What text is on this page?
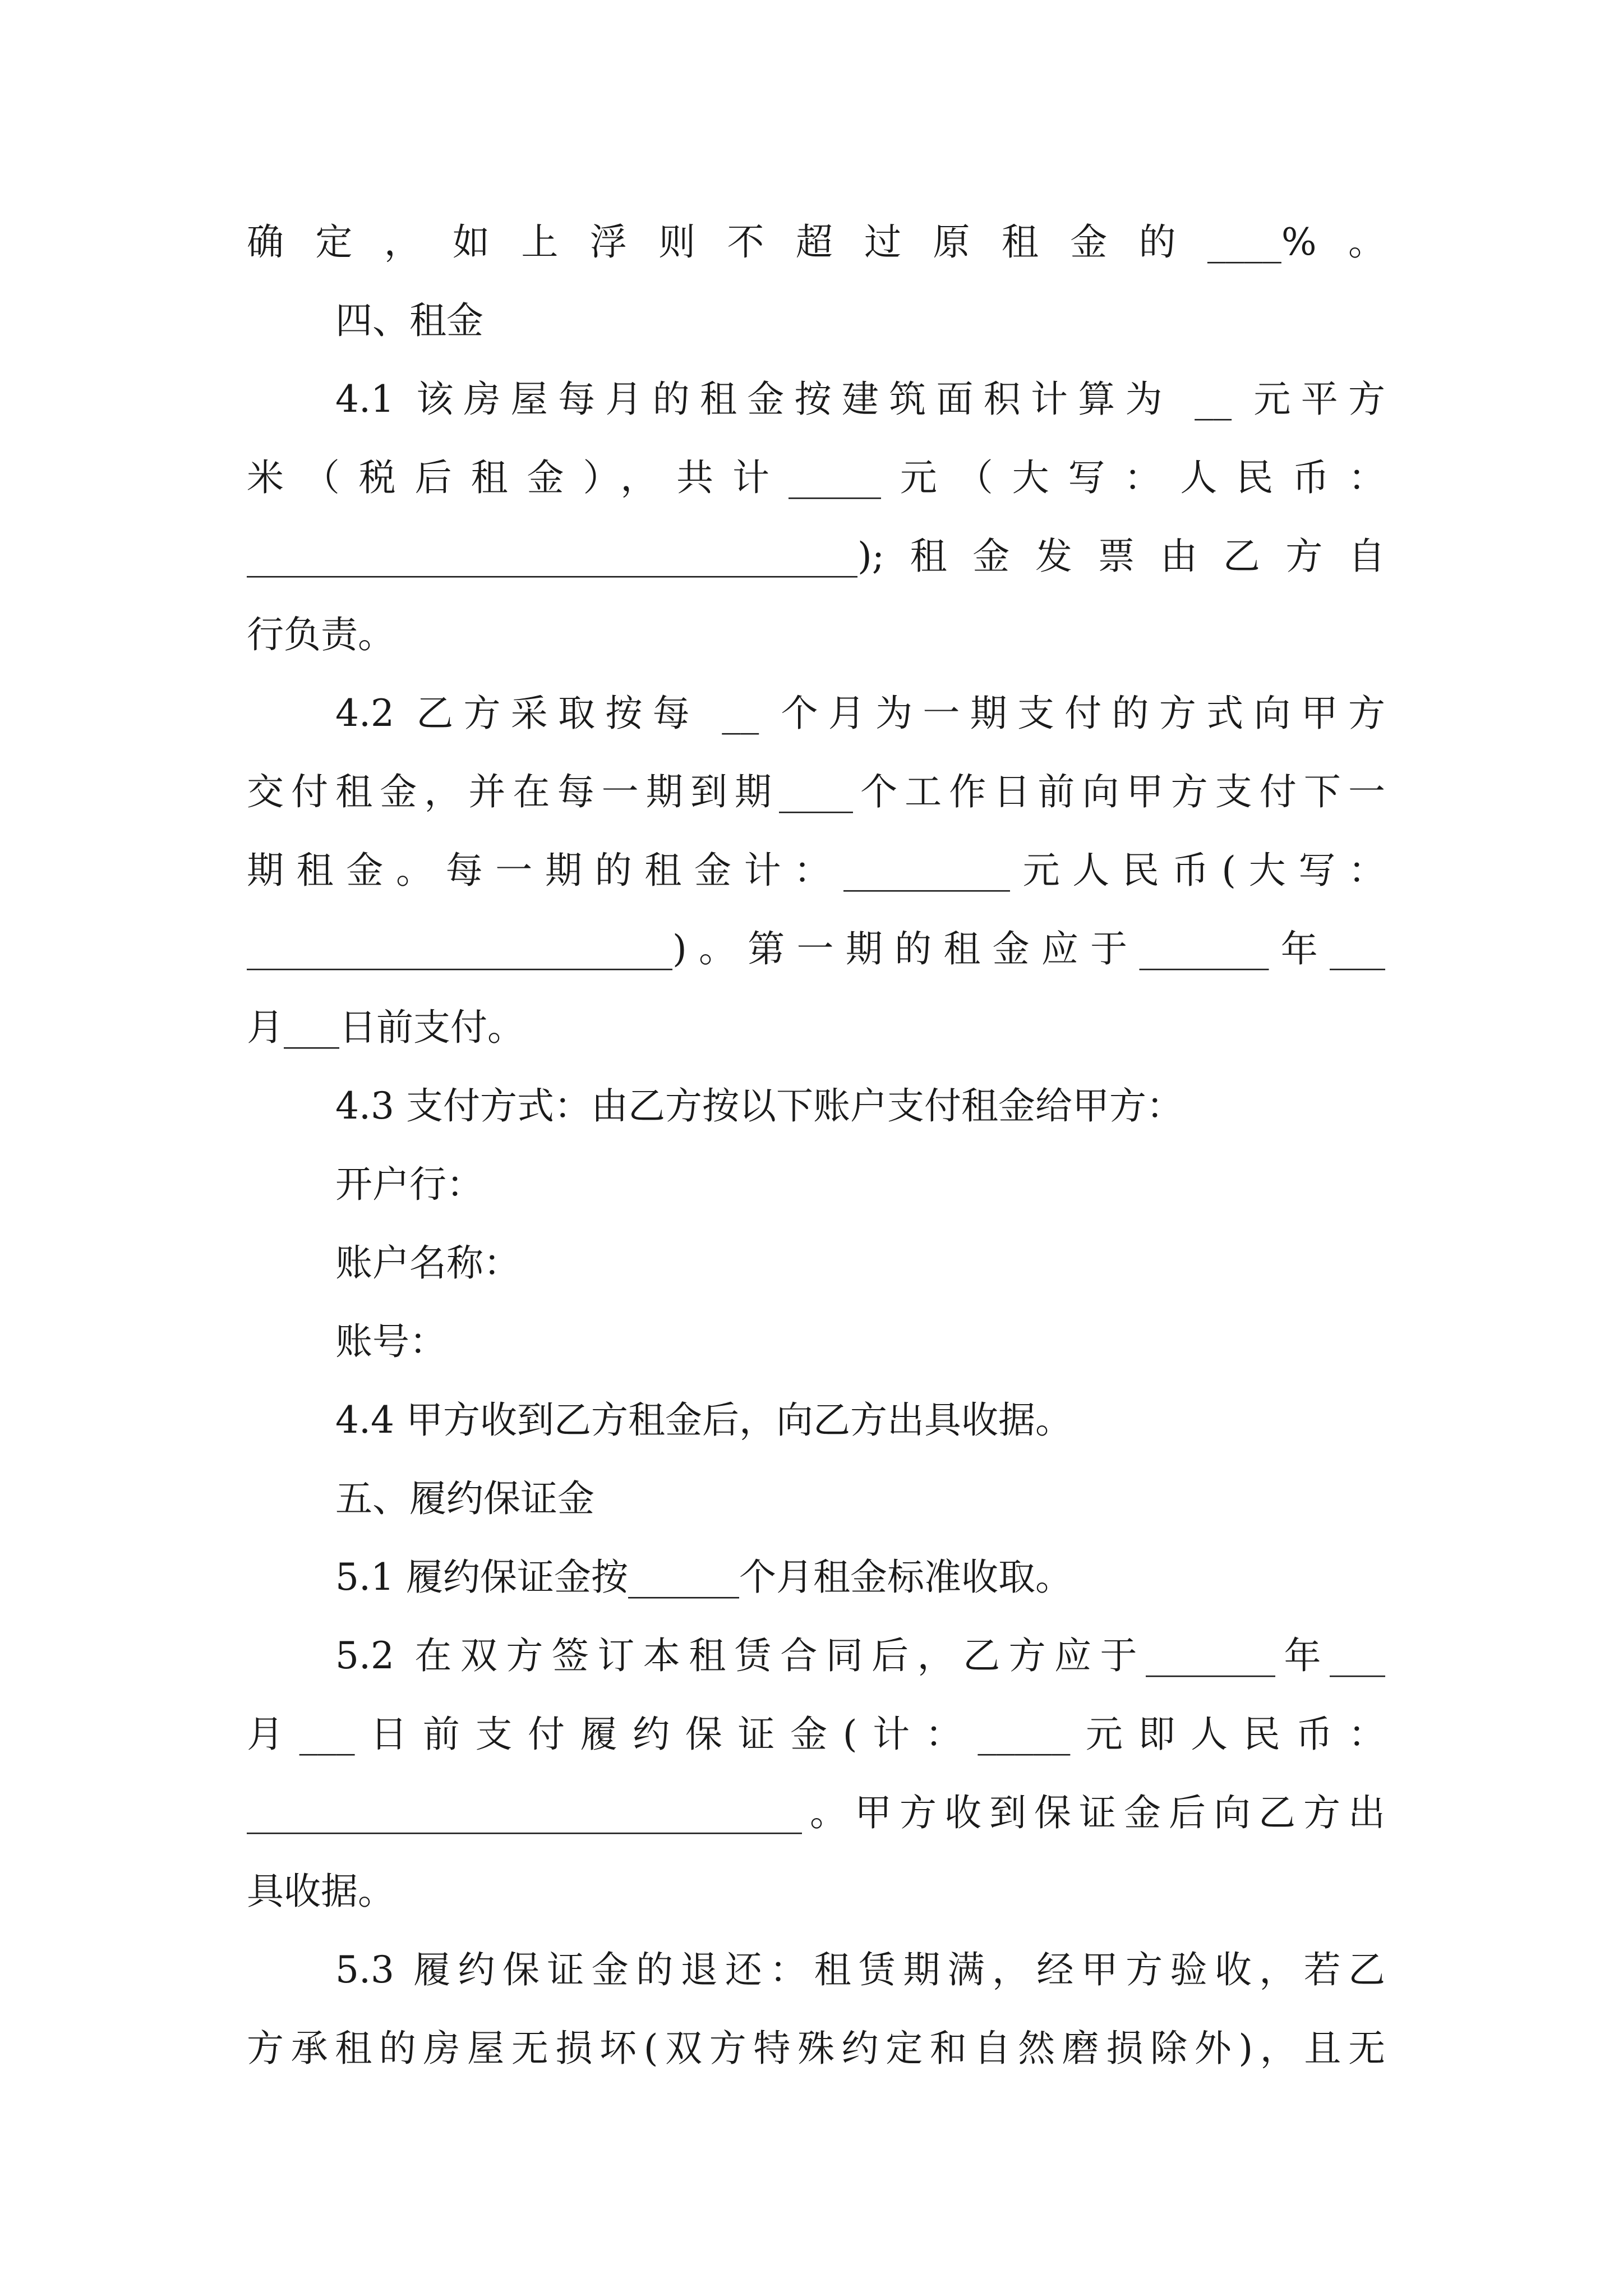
确定，如上浮则不超过原租金的____%。
四、租金
4.1 该房屋每月的租金按建筑面积计算为 __ 元平方
米（税后租金），共计_____元（大写：人民币：
_________________________________);租金发票由乙方自
行负责。
4.2 乙方采取按每 __ 个月为一期支付的方式向甲方
交付租金，并在每一期到期____个工作日前向甲方支付下一
期租金。每一期的租金计：_________元人民币(大写：
_______________________)。第一期的租金应于_______年___
月___日前支付。
4.3 支付方式：由乙方按以下账户支付租金给甲方：
开户行：
账户名称：
账号：
4.4 甲方收到乙方租金后，向乙方出具收据。
五、履约保证金
5.1 履约保证金按______个月租金标准收取。
5.2 在双方签订本租赁合同后，乙方应于_______年___
月___日前支付履约保证金(计：_____元即人民币：
______________________________。甲方收到保证金后向乙方出
具收据。
5.3 履约保证金的退还：租赁期满，经甲方验收，若乙
方承租的房屋无损坏(双方特殊约定和自然磨损除外)，且无
